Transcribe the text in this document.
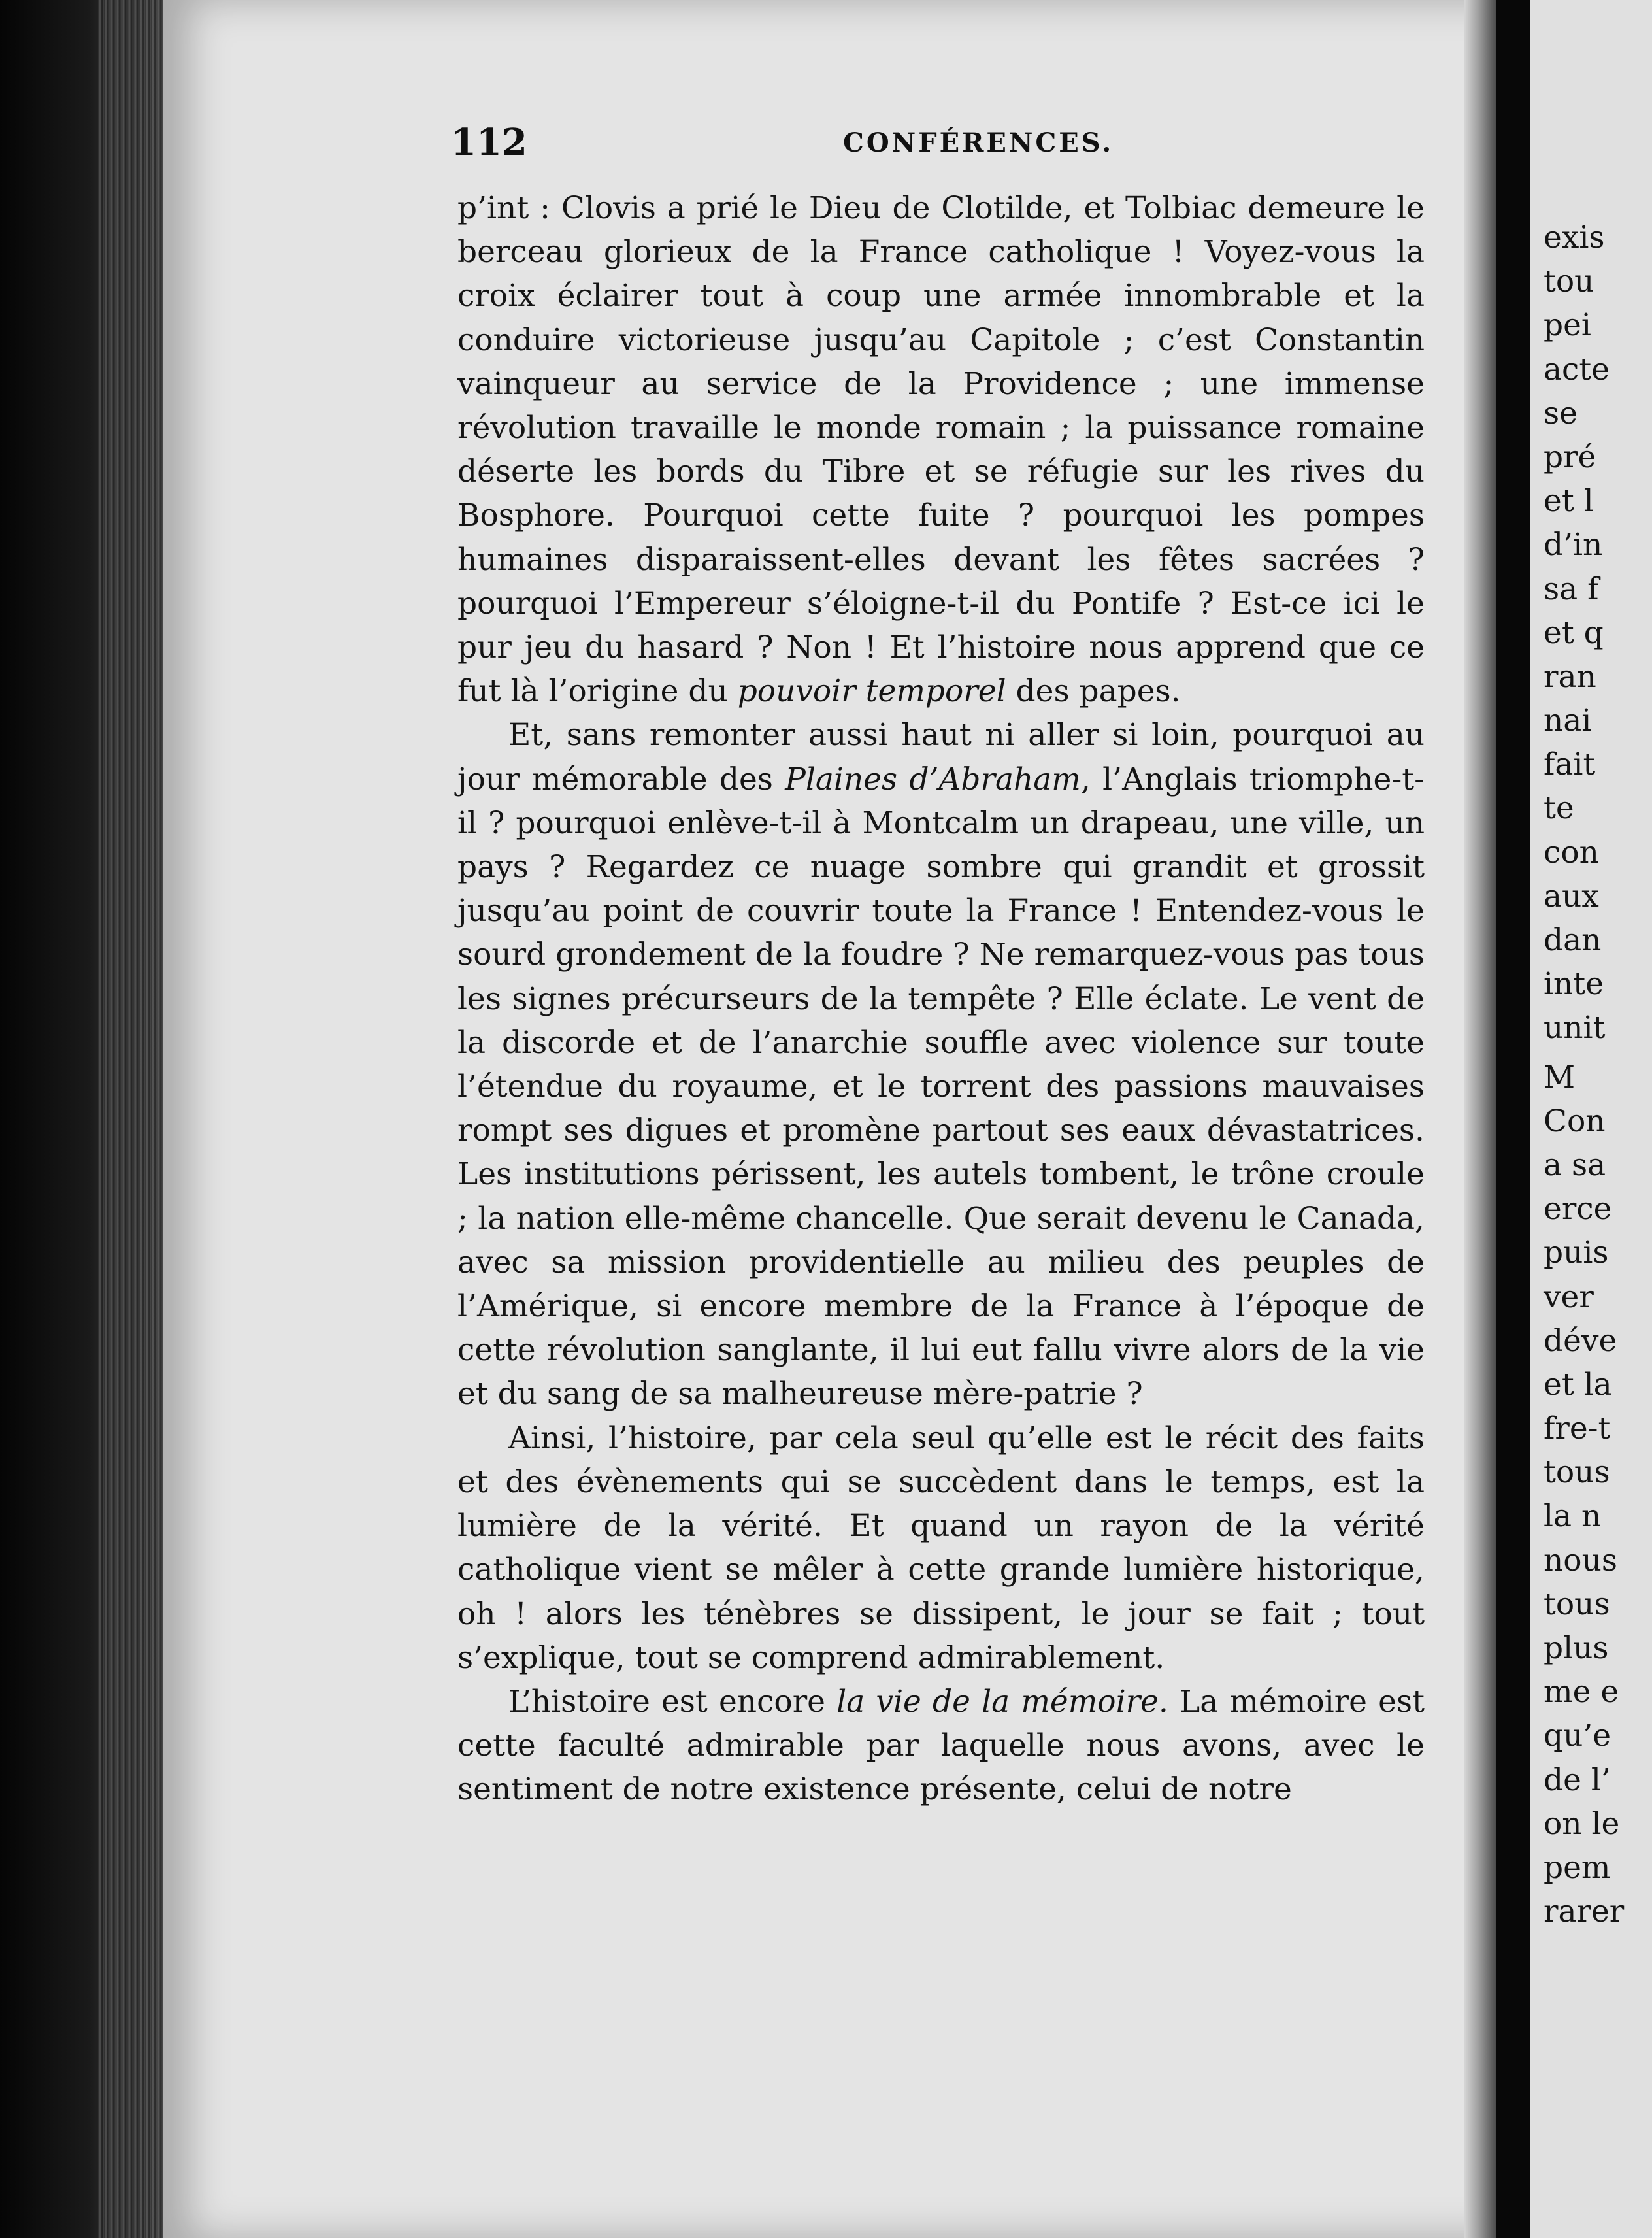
112	CONFÉRENCES.

p’int : Clovis a prié le Dieu de Clotilde, et Tolbiac demeure le berceau glorieux de la France catholique ! Voyez-vous la croix éclairer tout à coup une armée innombrable et la conduire victorieuse jusqu’au Capitole ; c’est Constantin vainqueur au service de la Providence ; une immense révolution travaille le monde romain ; la puissance romaine déserte les bords du Tibre et se réfugie sur les rives du Bosphore. Pourquoi cette fuite ? pourquoi les pompes humaines disparaissent-elles devant les fêtes sacrées ? pourquoi l’Empereur s’éloigne-t-il du Pontife ? Est-ce ici le pur jeu du hasard ? Non ! Et l’histoire nous apprend que ce fut là l’origine du pouvoir temporel des papes.

Et, sans remonter aussi haut ni aller si loin, pourquoi au jour mémorable des Plaines d’Abraham, l’Anglais triomphe-t-il ? pourquoi enlève-t-il à Montcalm un drapeau, une ville, un pays ? Regardez ce nuage sombre qui grandit et grossit jusqu’au point de couvrir toute la France ! Entendez-vous le sourd grondement de la foudre ? Ne remarquez-vous pas tous les signes précurseurs de la tempête ? Elle éclate. Le vent de la discorde et de l’anarchie souffle avec violence sur toute l’étendue du royaume, et le torrent des passions mauvaises rompt ses digues et promène partout ses eaux dévastatrices. Les institutions périssent, les autels tombent, le trône croule ; la nation elle-même chancelle. Que serait devenu le Canada, avec sa mission providentielle au milieu des peuples de l’Amérique, si encore membre de la France à l’époque de cette révolution sanglante, il lui eut fallu vivre alors de la vie et du sang de sa malheureuse mère-patrie ?

Ainsi, l’histoire, par cela seul qu’elle est le récit des faits et des évènements qui se succèdent dans le temps, est la lumière de la vérité. Et quand un rayon de la vérité catholique vient se mêler à cette grande lumière historique, oh ! alors les ténèbres se dissipent, le jour se fait ; tout s’explique, tout se comprend admirablement.

L’histoire est encore la vie de la mémoire. La mémoire est cette faculté admirable par laquelle nous avons, avec le sentiment de notre existence présente, celui de notre

exis
tou
pei
acte
se
pré
et l
d’in
sa f
et q
ran
nai
fait
te
con
aux
dan
inte
unit
M
Con
a sa
erce
puis
ver
déve
et la
fre-t
tous
la n
nous
tous
plus
me e
qu’e
de l’
on le
pem
rarer
